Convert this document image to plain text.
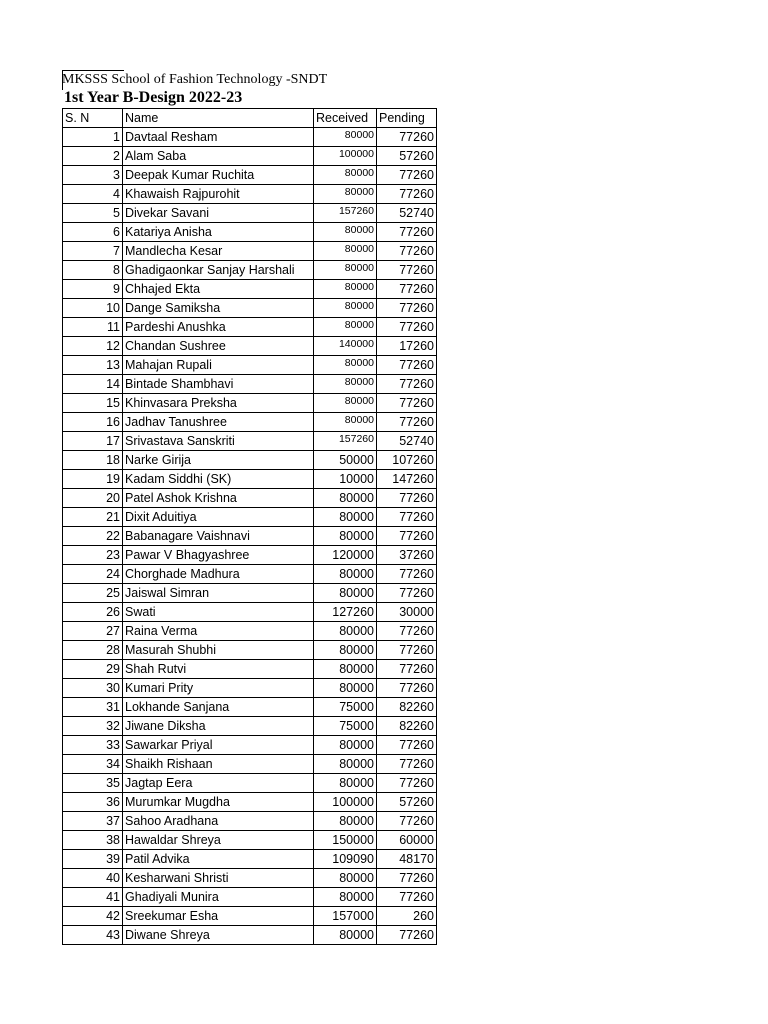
MKSSS School of Fashion Technology -SNDT
1st Year B-Design 2022-23
S. N	Name	Received	Pending
1	Davtaal Resham	80000	77260
2	Alam Saba	100000	57260
3	Deepak Kumar Ruchita	80000	77260
4	Khawaish Rajpurohit	80000	77260
5	Divekar Savani	157260	52740
6	Katariya Anisha	80000	77260
7	Mandlecha Kesar	80000	77260
8	Ghadigaonkar Sanjay Harshali	80000	77260
9	Chhajed Ekta	80000	77260
10	Dange Samiksha	80000	77260
11	Pardeshi Anushka	80000	77260
12	Chandan Sushree	140000	17260
13	Mahajan Rupali	80000	77260
14	Bintade Shambhavi	80000	77260
15	Khinvasara Preksha	80000	77260
16	Jadhav Tanushree	80000	77260
17	Srivastava Sanskriti	157260	52740
18	Narke Girija	50000	107260
19	Kadam Siddhi (SK)	10000	147260
20	Patel Ashok Krishna	80000	77260
21	Dixit Aduitiya	80000	77260
22	Babanagare Vaishnavi	80000	77260
23	Pawar V Bhagyashree	120000	37260
24	Chorghade Madhura	80000	77260
25	Jaiswal Simran	80000	77260
26	Swati	127260	30000
27	Raina Verma	80000	77260
28	Masurah Shubhi	80000	77260
29	Shah Rutvi	80000	77260
30	Kumari Prity	80000	77260
31	Lokhande Sanjana	75000	82260
32	Jiwane Diksha	75000	82260
33	Sawarkar Priyal	80000	77260
34	Shaikh Rishaan	80000	77260
35	Jagtap Eera	80000	77260
36	Murumkar Mugdha	100000	57260
37	Sahoo Aradhana	80000	77260
38	Hawaldar Shreya	150000	60000
39	Patil Advika	109090	48170
40	Kesharwani Shristi	80000	77260
41	Ghadiyali Munira	80000	77260
42	Sreekumar Esha	157000	260
43	Diwane Shreya	80000	77260
